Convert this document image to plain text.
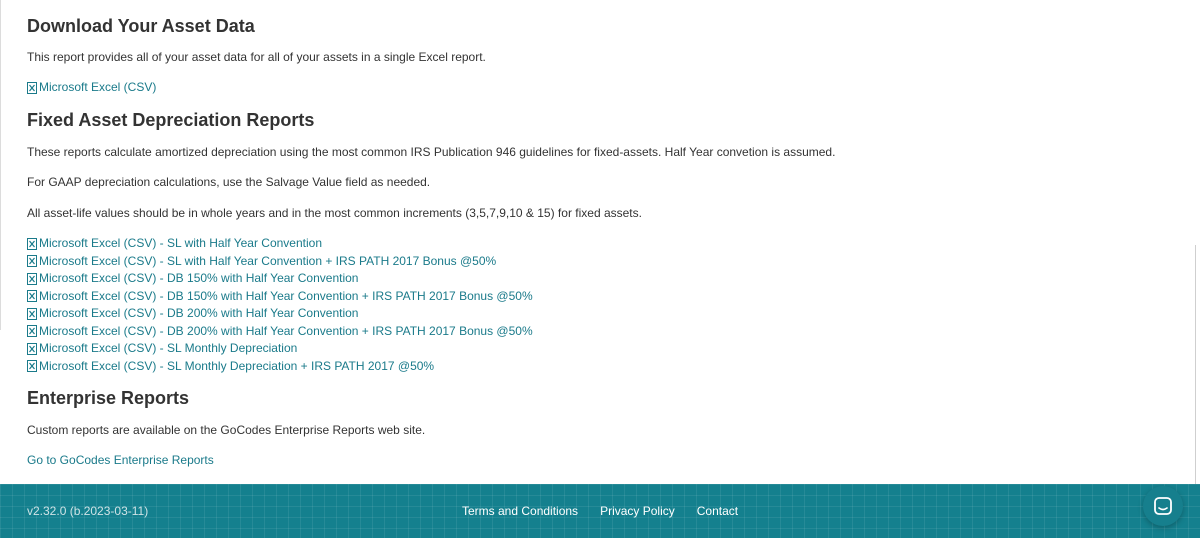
Download Your Asset Data

This report provides all of your asset data for all of your assets in a single Excel report.

Microsoft Excel (CSV)
Fixed Asset Depreciation Reports

These reports calculate amortized depreciation using the most common IRS Publication 946 guidelines for fixed-assets. Half Year convetion is assumed.

For GAAP depreciation calculations, use the Salvage Value field as needed.

All asset-life values should be in whole years and in the most common increments (3,5,7,9,10 & 15) for fixed assets.

Microsoft Excel (CSV) - SL with Half Year Convention
Microsoft Excel (CSV) - SL with Half Year Convention + IRS PATH 2017 Bonus @50%
Microsoft Excel (CSV) - DB 150% with Half Year Convention
Microsoft Excel (CSV) - DB 150% with Half Year Convention + IRS PATH 2017 Bonus @50%
Microsoft Excel (CSV) - DB 200% with Half Year Convention
Microsoft Excel (CSV) - DB 200% with Half Year Convention + IRS PATH 2017 Bonus @50%
Microsoft Excel (CSV) - SL Monthly Depreciation
Microsoft Excel (CSV) - SL Monthly Depreciation + IRS PATH 2017 @50%
Enterprise Reports

Custom reports are available on the GoCodes Enterprise Reports web site.

Go to GoCodes Enterprise Reports
v2.32.0 (b.2023-03-11)	Terms and Conditions Privacy Policy Contact
